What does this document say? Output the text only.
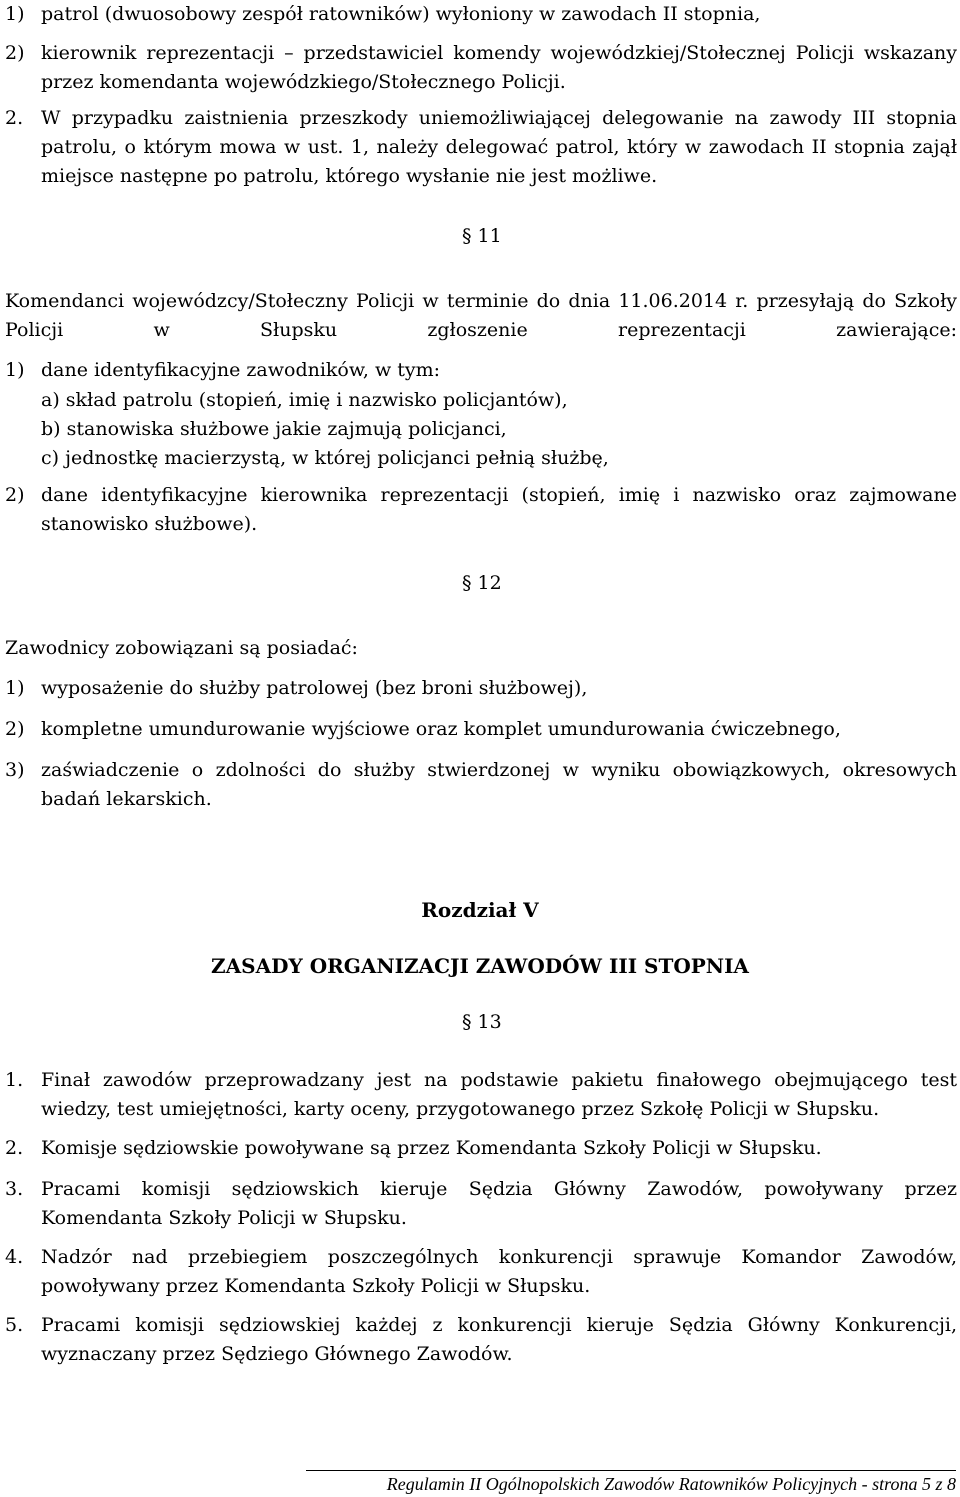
1) patrol (dwuosobowy zespół ratowników) wyłoniony w zawodach II stopnia,
2) kierownik reprezentacji – przedstawiciel komendy wojewódzkiej/Stołecznej Policji wskazany przez komendanta wojewódzkiego/Stołecznego Policji.
2. W przypadku zaistnienia przeszkody uniemożliwiającej delegowanie na zawody III stopnia patrolu, o którym mowa w ust. 1, należy delegować patrol, który w zawodach II stopnia zajął miejsce następne po patrolu, którego wysłanie nie jest możliwe.
§ 11
Komendanci wojewódzcy/Stołeczny Policji w terminie do dnia 11.06.2014 r. przesyłają do Szkoły Policji w Słupsku zgłoszenie reprezentacji zawierające:
1) dane identyfikacyjne zawodników, w tym:
a) skład patrolu (stopień, imię i nazwisko policjantów),
b) stanowiska służbowe jakie zajmują policjanci,
c) jednostkę macierzystą, w której policjanci pełnią służbę,
2) dane identyfikacyjne kierownika reprezentacji (stopień, imię i nazwisko oraz zajmowane stanowisko służbowe).
§ 12
Zawodnicy zobowiązani są posiadać:
1) wyposażenie do służby patrolowej (bez broni służbowej),
2) kompletne umundurowanie wyjściowe oraz komplet umundurowania ćwiczebnego,
3) zaświadczenie o zdolności do służby stwierdzonej w wyniku obowiązkowych, okresowych badań lekarskich.
Rozdział V
ZASADY ORGANIZACJI ZAWODÓW III STOPNIA
§ 13
1. Finał zawodów przeprowadzany jest na podstawie pakietu finałowego obejmującego test wiedzy, test umiejętności, karty oceny, przygotowanego przez Szkołę Policji w Słupsku.
2. Komisje sędziowskie powoływane są przez Komendanta Szkoły Policji w Słupsku.
3. Pracami komisji sędziowskich kieruje Sędzia Główny Zawodów, powoływany przez Komendanta Szkoły Policji w Słupsku.
4. Nadzór nad przebiegiem poszczególnych konkurencji sprawuje Komandor Zawodów, powoływany przez Komendanta Szkoły Policji w Słupsku.
5. Pracami komisji sędziowskiej każdej z konkurencji kieruje Sędzia Główny Konkurencji, wyznaczany przez Sędziego Głównego Zawodów.
Regulamin II Ogólnopolskich Zawodów Ratowników Policyjnych - strona 5 z 8
